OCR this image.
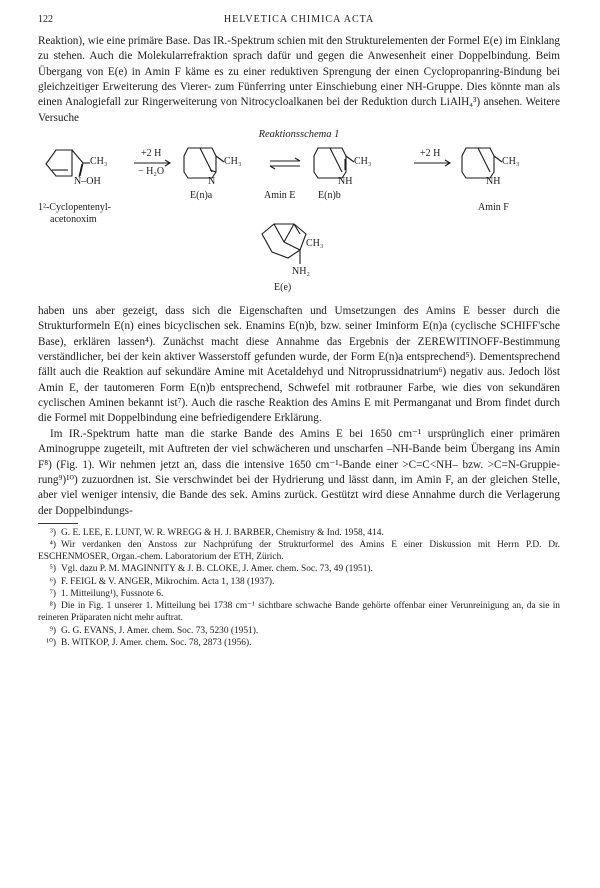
122	HELVETICA CHIMICA ACTA

Reaktion), wie eine primäre Base. Das IR.-Spektrum schien mit den Strukturelementen der Formel E(e) im Einklang zu stehen. Auch die Molekularrefraktion sprach dafür und gegen die Anwesenheit einer Doppelbindung. Beim Übergang von E(e) in Amin F käme es zu einer reduktiven Sprengung der einen Cyclopropanring-Bindung bei gleichzeitiger Erweiterung des Vierer- zum Fünferring unter Einschiebung einer NH-Gruppe. Dies könnte man als einen Analogiefall zur Ringerweiterung von Nitrocycloalkanen bei der Reduktion durch LiAlH₄³) ansehen. Weitere Versuche

Reaktionsschema 1
CH₃
N–OH
1²-Cyclopentenyl-
acetonoxim
+2 H
− H₂O
CH₃
N
E(n)a	Amin E
CH₃
NH
E(n)b
+2 H
CH₃
NH
Amin F
CH₃
NH₂
E(e)

haben uns aber gezeigt, dass sich die Eigenschaften und Umsetzungen des Amins E besser durch die Strukturformeln E(n) eines bicyclischen sek. Enamins E(n)b, bzw. seiner Iminform E(n)a (cyclische SCHIFF'sche Base), erklären lassen⁴). Zunächst macht diese Annahme das Ergebnis der ZEREWITINOFF-Bestimmung verständlicher, bei der kein aktiver Wasserstoff gefunden wurde, der Form E(n)a entsprechend⁵). Dementsprechend fällt auch die Reaktion auf sekundäre Amine mit Acetaldehyd und Nitroprussidnatrium⁶) negativ aus. Jedoch löst Amin E, der tautomeren Form E(n)b entsprechend, Schwefel mit rotbrauner Farbe, wie dies von sekundären cyclischen Aminen bekannt ist⁷). Auch die rasche Reaktion des Amins E mit Permanganat und Brom findet durch die Formel mit Doppelbindung eine befriedigendere Erklärung.

Im IR.-Spektrum hatte man die starke Bande des Amins E bei 1650 cm⁻¹ ursprünglich einer primären Aminogruppe zugeteilt, mit Auftreten der viel schwächeren und unscharfen –NH-Bande beim Übergang ins Amin F⁸) (Fig. 1). Wir nehmen jetzt an, dass die intensive 1650 cm⁻¹-Bande einer >C=C<NH– bzw. >C=N-Gruppie-rung⁹)¹⁰) zuzuordnen ist. Sie verschwindet bei der Hydrierung und lässt dann, im Amin F, an der gleichen Stelle, aber viel weniger intensiv, die Bande des sek. Amins zurück. Gestützt wird diese Annahme durch die Verlagerung der Doppelbindungs-

³) G. E. LEE, E. LUNT, W. R. WREGG & H. J. BARBER, Chemistry & Ind. 1958, 414.

⁴) Wir verdanken den Anstoss zur Nachprüfung der Strukturformel des Amins E einer Diskussion mit Herrn P.D. Dr. ESCHENMOSER, Organ.-chem. Laboratorium der ETH, Zürich.

⁵) Vgl. dazu P. M. MAGINNITY & J. B. CLOKE, J. Amer. chem. Soc. 73, 49 (1951).

⁶) F. FEIGL & V. ANGER, Mikrochim. Acta 1, 138 (1937).

⁷) 1. Mitteilung¹), Fussnote 6.

⁸) Die in Fig. 1 unserer 1. Mitteilung bei 1738 cm⁻¹ sichtbare schwache Bande gehörte offenbar einer Verunreinigung an, da sie in reineren Präparaten nicht mehr auftrat.

⁹) G. G. EVANS, J. Amer. chem. Soc. 73, 5230 (1951).

¹⁰) B. WITKOP, J. Amer. chem. Soc. 78, 2873 (1956).
